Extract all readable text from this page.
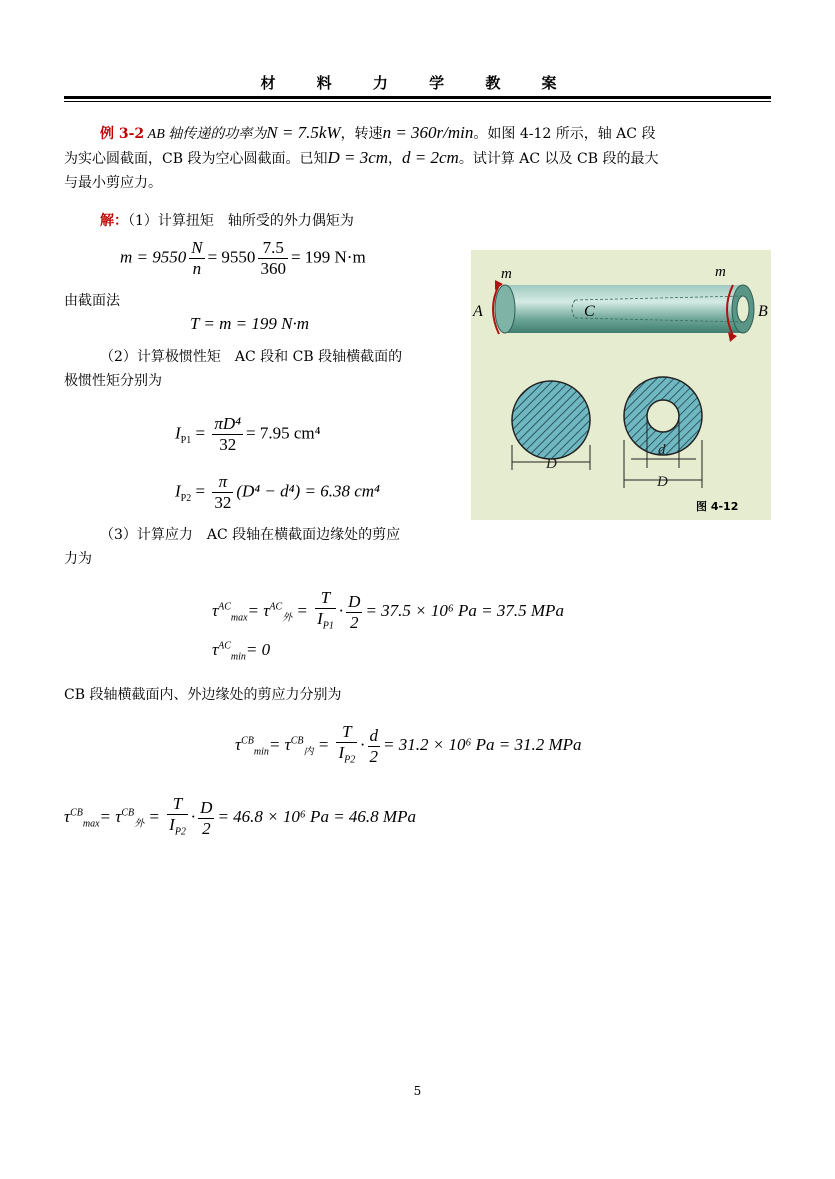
材 料 力 学 教 案
例 3-2 AB 轴传递的功率为N = 7.5kW，转速n = 360r/min。如图 4-12 所示，轴 AC 段
为实心圆截面，CB 段为空心圆截面。已知D = 3cm，d = 2cm。试计算 AC 以及 CB 段的最大
与最小剪应力。
解：（1）计算扭矩　轴所受的外力偶矩为
$m = 9550 \frac{N}{n} = 9550 \frac{7.5}{360} = 199$ N·m
由截面法
T = m = 199 N·m
（2）计算极惯性矩　AC 段和 CB 段轴横截面的
极惯性矩分别为
$I_{P1} = \frac{\text{πD⁴}}{32} = 7.95$ cm⁴
$I_{P2} = \frac{\pi}{32} (D^4 - d^4) = 6.38$ cm⁴
（3）计算应力　AC 段轴在横截面边缘处的剪应
力为
$\tau^{AC}_{max}= \tau^{AC}_外 = \frac{T}{I_{P1}} \cdot \frac{D}{2} = 37.5 \times 10^6$ Pa = 37.5 MPa
$\tau^{AC}_{min}= 0$
CB 段轴横截面内、外边缘处的剪应力分别为
$\tau^{CB}_{min}= \tau^{CB}_内 = \frac{T}{I_{P2}} \cdot \frac{d}{2} = 31.2 \times 10^6$ Pa = 31.2 MPa
$\tau^{CB}_{max}= \tau^{CB}_外 = \frac{T}{I_{P2}} \cdot \frac{D}{2} = 46.8 \times 10^6$ Pa = 46.8 MPa
m	m
A	B
C
D
d
D
图 4-12
5
